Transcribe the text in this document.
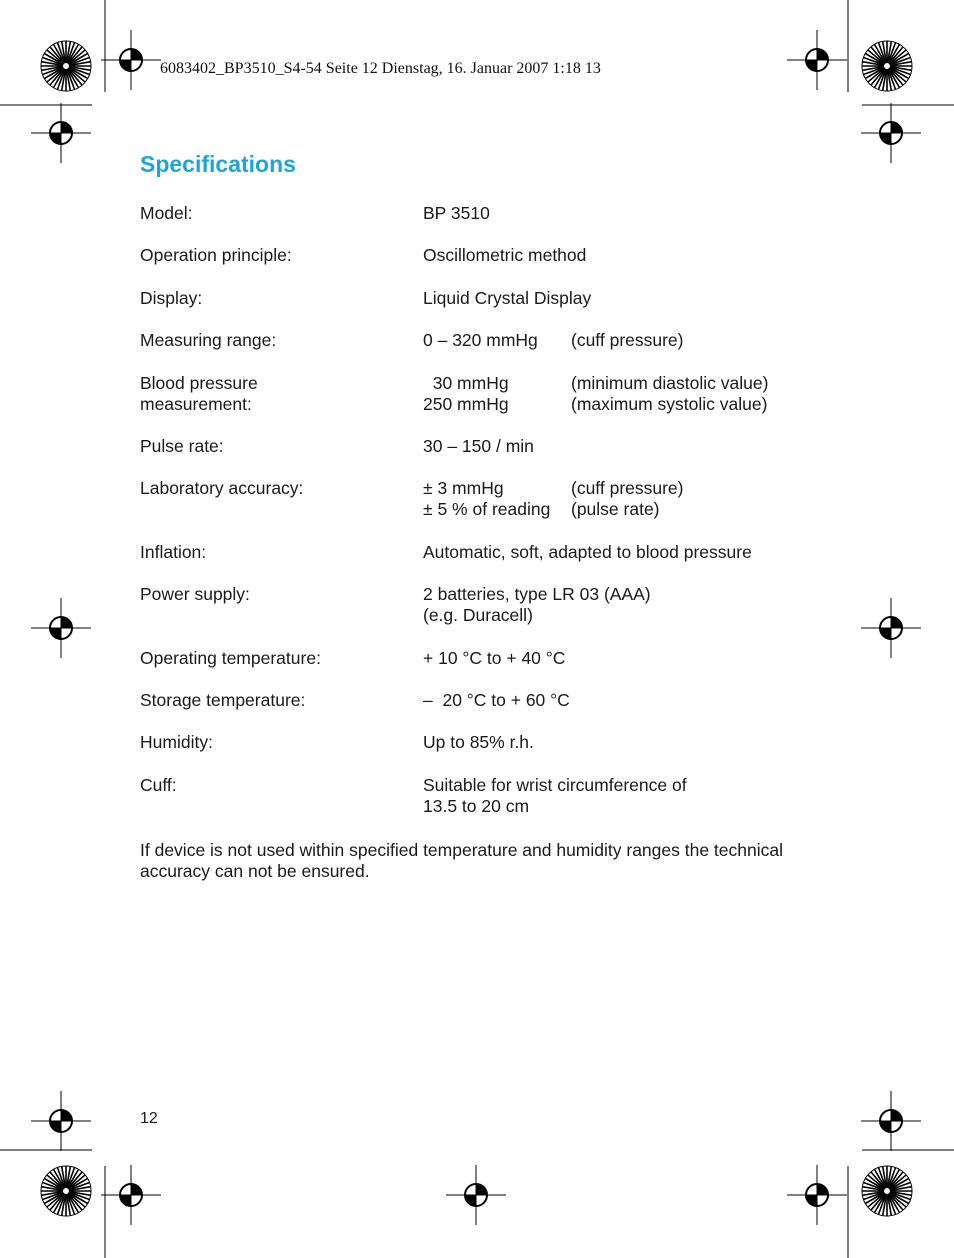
6083402_BP3510_S4-54 Seite 12 Dienstag, 16. Januar 2007 1:18 13
Specifications
Model:	BP 3510
Operation principle:	Oscillometric method
Display:	Liquid Crystal Display
Measuring range:	0 – 320 mmHg	(cuff pressure)
Blood pressure
measurement:
30 mmHg	(minimum diastolic value)
250 mmHg	(maximum systolic value)
Pulse rate:	30 – 150 / min
Laboratory accuracy:	± 3 mmHg	(cuff pressure)
± 5 % of reading	(pulse rate)
Inflation:	Automatic, soft, adapted to blood pressure
Power supply:	2 batteries, type LR 03 (AAA)
(e.g. Duracell)
Operating temperature:	+ 10 °C to + 40 °C
Storage temperature:	–  20 °C to + 60 °C
Humidity:	Up to 85% r.h.
Cuff:	Suitable for wrist circumference of
13.5 to 20 cm

If device is not used within specified temperature and humidity ranges the technical accuracy can not be ensured.

12
